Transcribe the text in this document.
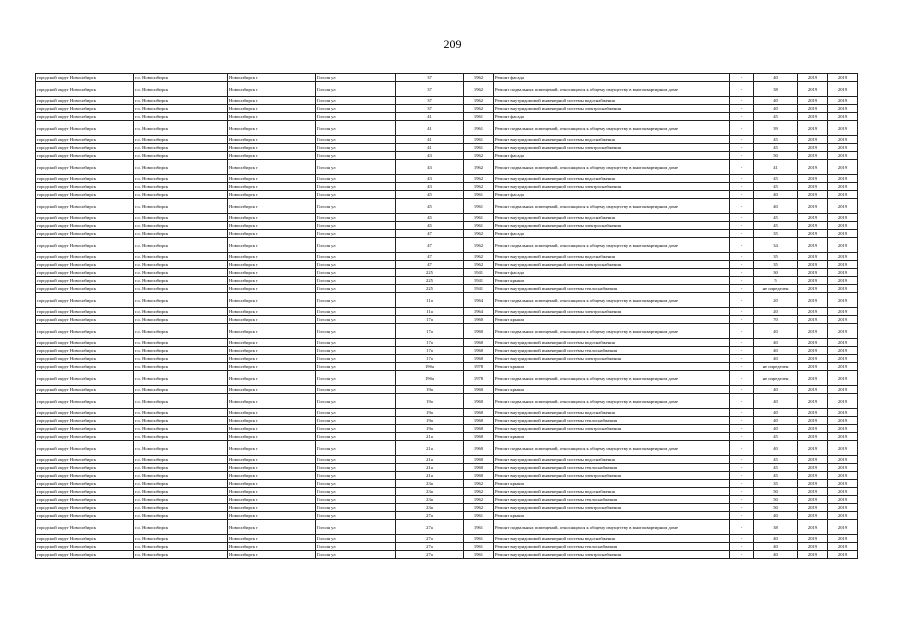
209
городской округ Новосибирск	г.о. Новосибирск	Новосибирск г	Гоголя ул	37	1962	Ремонт фасада	-	40	2019	2019
городской округ Новосибирск	г.о. Новосибирск	Новосибирск г	Гоголя ул	37	1962	Ремонт подвальных помещений, относящихся к общему имуществу в многоквартирном доме	-	38	2019	2019
городской округ Новосибирск	г.о. Новосибирск	Новосибирск г	Гоголя ул	37	1962	Ремонт внутридомовой инженерной системы водоснабжения	-	40	2019	2019
городской округ Новосибирск	г.о. Новосибирск	Новосибирск г	Гоголя ул	37	1962	Ремонт внутридомовой инженерной системы электроснабжения	-	40	2019	2019
городской округ Новосибирск	г.о. Новосибирск	Новосибирск г	Гоголя ул	41	1961	Ремонт фасада	-	45	2019	2019
городской округ Новосибирск	г.о. Новосибирск	Новосибирск г	Гоголя ул	41	1961	Ремонт подвальных помещений, относящихся к общему имуществу в многоквартирном доме	-	39	2019	2019
городской округ Новосибирск	г.о. Новосибирск	Новосибирск г	Гоголя ул	41	1961	Ремонт внутридомовой инженерной системы водоснабжения	-	45	2019	2019
городской округ Новосибирск	г.о. Новосибирск	Новосибирск г	Гоголя ул	41	1961	Ремонт внутридомовой инженерной системы электроснабжения	-	45	2019	2019
городской округ Новосибирск	г.о. Новосибирск	Новосибирск г	Гоголя ул	43	1962	Ремонт фасада	-	50	2019	2019
городской округ Новосибирск	г.о. Новосибирск	Новосибирск г	Гоголя ул	43	1962	Ремонт подвальных помещений, относящихся к общему имуществу в многоквартирном доме	-	41	2019	2019
городской округ Новосибирск	г.о. Новосибирск	Новосибирск г	Гоголя ул	43	1962	Ремонт внутридомовой инженерной системы водоснабжения	-	45	2019	2019
городской округ Новосибирск	г.о. Новосибирск	Новосибирск г	Гоголя ул	43	1962	Ремонт внутридомовой инженерной системы электроснабжения	-	45	2019	2019
городской округ Новосибирск	г.о. Новосибирск	Новосибирск г	Гоголя ул	45	1961	Ремонт фасада	-	40	2019	2019
городской округ Новосибирск	г.о. Новосибирск	Новосибирск г	Гоголя ул	45	1961	Ремонт подвальных помещений, относящихся к общему имуществу в многоквартирном доме	-	40	2019	2019
городской округ Новосибирск	г.о. Новосибирск	Новосибирск г	Гоголя ул	45	1961	Ремонт внутридомовой инженерной системы водоснабжения	-	45	2019	2019
городской округ Новосибирск	г.о. Новосибирск	Новосибирск г	Гоголя ул	45	1961	Ремонт внутридомовой инженерной системы электроснабжения	-	45	2019	2019
городской округ Новосибирск	г.о. Новосибирск	Новосибирск г	Гоголя ул	47	1962	Ремонт фасада	-	35	2019	2019
городской округ Новосибирск	г.о. Новосибирск	Новосибирск г	Гоголя ул	47	1962	Ремонт подвальных помещений, относящихся к общему имуществу в многоквартирном доме	-	34	2019	2019
городской округ Новосибирск	г.о. Новосибирск	Новосибирск г	Гоголя ул	47	1962	Ремонт внутридомовой инженерной системы водоснабжения	-	35	2019	2019
городской округ Новосибирск	г.о. Новосибирск	Новосибирск г	Гоголя ул	47	1962	Ремонт внутридомовой инженерной системы электроснабжения	-	35	2019	2019
городской округ Новосибирск	г.о. Новосибирск	Новосибирск г	Гоголя ул	225	1941	Ремонт фасада	-	30	2019	2019
городской округ Новосибирск	г.о. Новосибирск	Новосибирск г	Гоголя ул	225	1941	Ремонт крыши	-	5	2019	2019
городской округ Новосибирск	г.о. Новосибирск	Новосибирск г	Гоголя ул	225	1941	Ремонт внутридомовой инженерной системы теплоснабжения	-	не определен	2019	2019
городской округ Новосибирск	г.о. Новосибирск	Новосибирск г	Гоголя ул	11а	1964	Ремонт подвальных помещений, относящихся к общему имуществу в многоквартирном доме	-	20	2019	2019
городской округ Новосибирск	г.о. Новосибирск	Новосибирск г	Гоголя ул	11а	1964	Ремонт внутридомовой инженерной системы электроснабжения	-	20	2019	2019
городской округ Новосибирск	г.о. Новосибирск	Новосибирск г	Гоголя ул	17а	1960	Ремонт крыши	-	70	2019	2019
городской округ Новосибирск	г.о. Новосибирск	Новосибирск г	Гоголя ул	17а	1960	Ремонт подвальных помещений, относящихся к общему имуществу в многоквартирном доме	-	40	2019	2019
городской округ Новосибирск	г.о. Новосибирск	Новосибирск г	Гоголя ул	17а	1960	Ремонт внутридомовой инженерной системы водоснабжения	-	40	2019	2019
городской округ Новосибирск	г.о. Новосибирск	Новосибирск г	Гоголя ул	17а	1960	Ремонт внутридомовой инженерной системы теплоснабжения	-	40	2019	2019
городской округ Новосибирск	г.о. Новосибирск	Новосибирск г	Гоголя ул	17а	1960	Ремонт внутридомовой инженерной системы электроснабжения	-	40	2019	2019
городской округ Новосибирск	г.о. Новосибирск	Новосибирск г	Гоголя ул	19ба	1978	Ремонт крыши	-	не определен	2019	2019
городской округ Новосибирск	г.о. Новосибирск	Новосибирск г	Гоголя ул	19ба	1978	Ремонт подвальных помещений, относящихся к общему имуществу в многоквартирном доме	-	не определен	2019	2019
городской округ Новосибирск	г.о. Новосибирск	Новосибирск г	Гоголя ул	19а	1960	Ремонт крыши	-	40	2019	2019
городской округ Новосибирск	г.о. Новосибирск	Новосибирск г	Гоголя ул	19а	1960	Ремонт подвальных помещений, относящихся к общему имуществу в многоквартирном доме	-	40	2019	2019
городской округ Новосибирск	г.о. Новосибирск	Новосибирск г	Гоголя ул	19а	1960	Ремонт внутридомовой инженерной системы водоснабжения	-	40	2019	2019
городской округ Новосибирск	г.о. Новосибирск	Новосибирск г	Гоголя ул	19а	1960	Ремонт внутридомовой инженерной системы теплоснабжения	-	40	2019	2019
городской округ Новосибирск	г.о. Новосибирск	Новосибирск г	Гоголя ул	19а	1960	Ремонт внутридомовой инженерной системы электроснабжения	-	40	2019	2019
городской округ Новосибирск	г.о. Новосибирск	Новосибирск г	Гоголя ул	21а	1960	Ремонт крыши	-	45	2019	2019
городской округ Новосибирск	г.о. Новосибирск	Новосибирск г	Гоголя ул	21а	1960	Ремонт подвальных помещений, относящихся к общему имуществу в многоквартирном доме	-	40	2019	2019
городской округ Новосибирск	г.о. Новосибирск	Новосибирск г	Гоголя ул	21а	1960	Ремонт внутридомовой инженерной системы водоснабжения	-	45	2019	2019
городской округ Новосибирск	г.о. Новосибирск	Новосибирск г	Гоголя ул	21а	1960	Ремонт внутридомовой инженерной системы теплоснабжения	-	45	2019	2019
городской округ Новосибирск	г.о. Новосибирск	Новосибирск г	Гоголя ул	21а	1960	Ремонт внутридомовой инженерной системы электроснабжения	-	45	2019	2019
городской округ Новосибирск	г.о. Новосибирск	Новосибирск г	Гоголя ул	23а	1962	Ремонт крыши	-	35	2019	2019
городской округ Новосибирск	г.о. Новосибирск	Новосибирск г	Гоголя ул	23а	1962	Ремонт внутридомовой инженерной системы водоснабжения	-	50	2019	2019
городской округ Новосибирск	г.о. Новосибирск	Новосибирск г	Гоголя ул	23а	1962	Ремонт внутридомовой инженерной системы теплоснабжения	-	50	2019	2019
городской округ Новосибирск	г.о. Новосибирск	Новосибирск г	Гоголя ул	23а	1962	Ремонт внутридомовой инженерной системы электроснабжения	-	50	2019	2019
городской округ Новосибирск	г.о. Новосибирск	Новосибирск г	Гоголя ул	27а	1961	Ремонт крыши	-	40	2019	2019
городской округ Новосибирск	г.о. Новосибирск	Новосибирск г	Гоголя ул	27а	1961	Ремонт подвальных помещений, относящихся к общему имуществу в многоквартирном доме	-	38	2019	2019
городской округ Новосибирск	г.о. Новосибирск	Новосибирск г	Гоголя ул	27а	1961	Ремонт внутридомовой инженерной системы водоснабжения	-	40	2019	2019
городской округ Новосибирск	г.о. Новосибирск	Новосибирск г	Гоголя ул	27а	1961	Ремонт внутридомовой инженерной системы теплоснабжения	-	40	2019	2019
городской округ Новосибирск	г.о. Новосибирск	Новосибирск г	Гоголя ул	27а	1961	Ремонт внутридомовой инженерной системы электроснабжения	-	40	2019	2019
